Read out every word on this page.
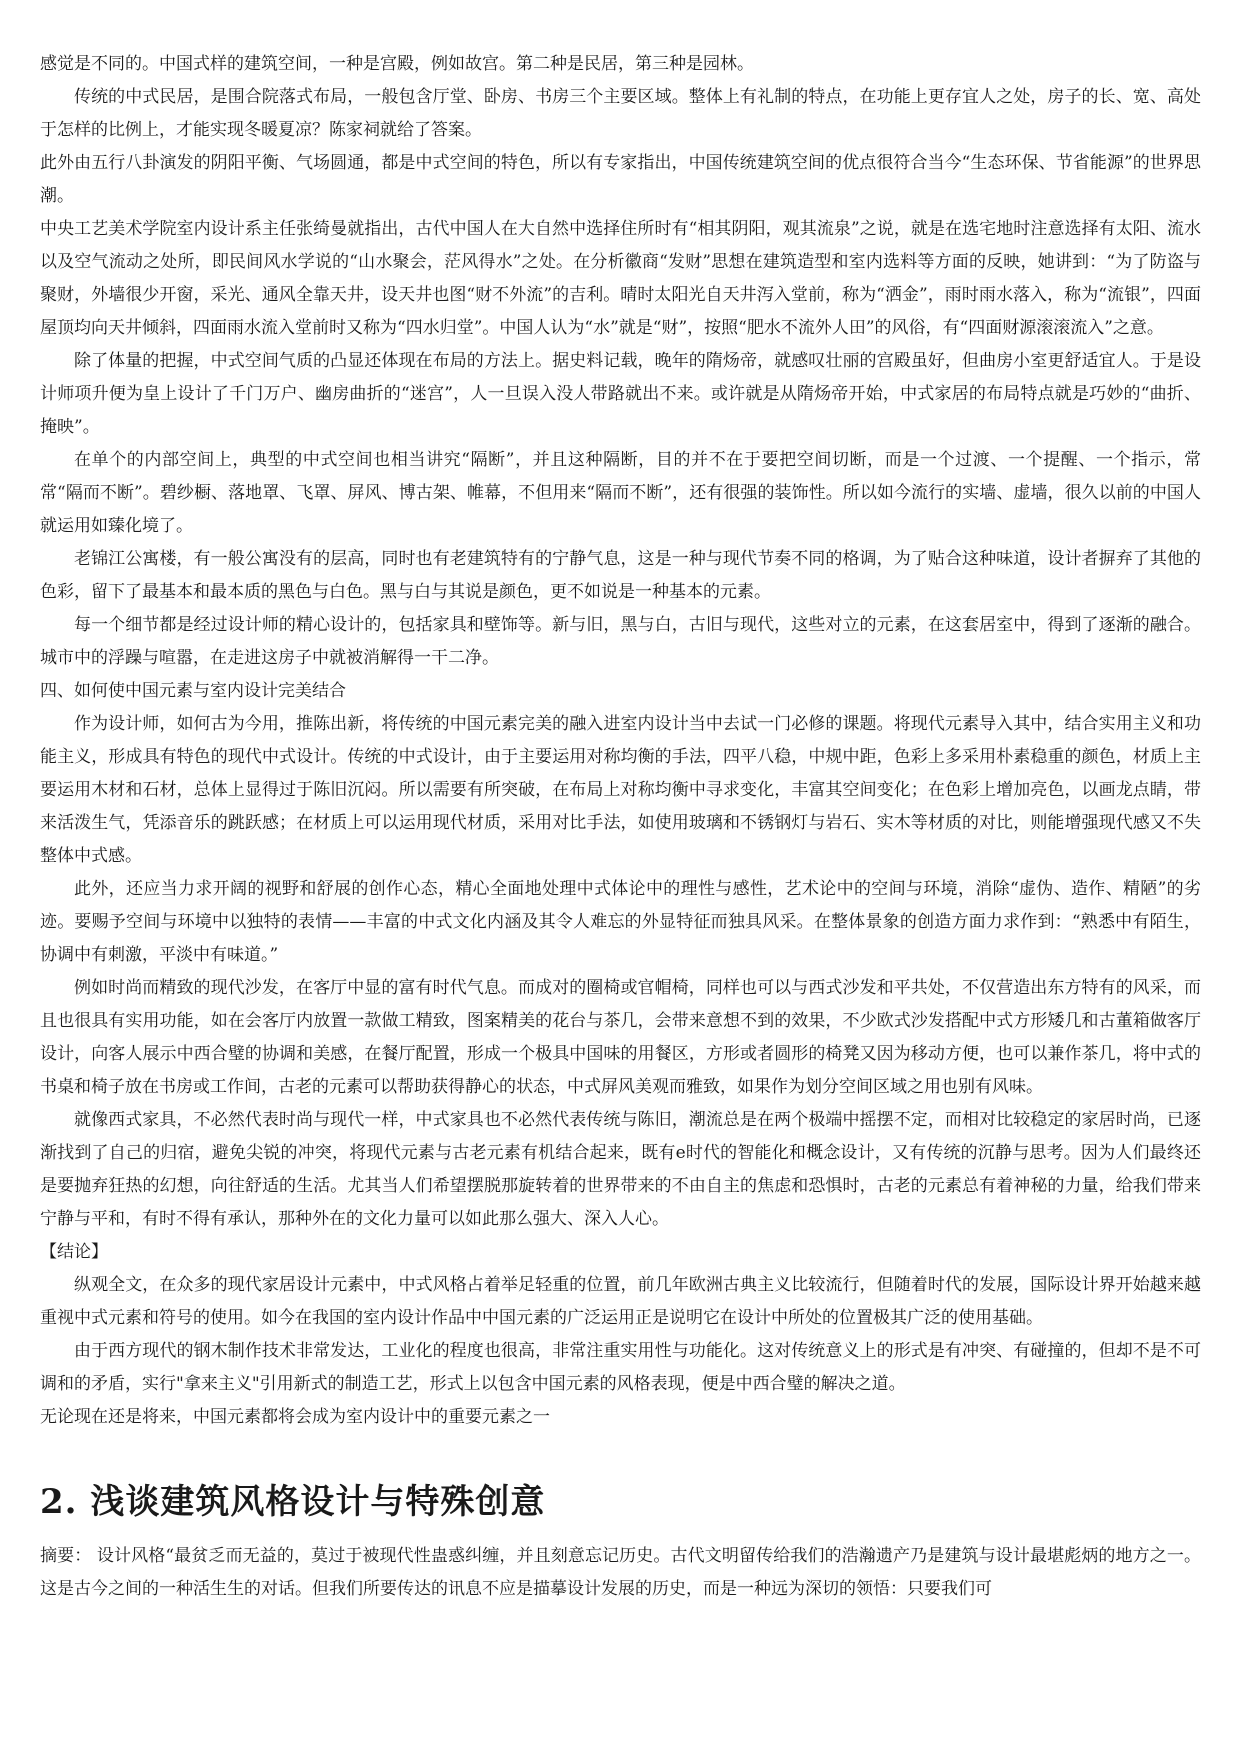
感觉是不同的。中国式样的建筑空间，一种是宫殿，例如故宫。第二种是民居，第三种是园林。

传统的中式民居，是围合院落式布局，一般包含厅堂、卧房、书房三个主要区域。整体上有礼制的特点，在功能上更存宜人之处，房子的长、宽、高处于怎样的比例上，才能实现冬暖夏凉？陈家祠就给了答案。

此外由五行八卦演发的阴阳平衡、气场圆通，都是中式空间的特色，所以有专家指出，中国传统建筑空间的优点很符合当今“生态环保、节省能源”的世界思潮。

中央工艺美术学院室内设计系主任张绮曼就指出，古代中国人在大自然中选择住所时有“相其阴阳，观其流泉”之说，就是在选宅地时注意选择有太阳、流水以及空气流动之处所，即民间风水学说的“山水聚会，茫风得水”之处。在分析徽商“发财”思想在建筑造型和室内选料等方面的反映，她讲到：“为了防盗与聚财，外墙很少开窗，采光、通风全靠天井，设天井也图“财不外流”的吉利。晴时太阳光自天井泻入堂前，称为“洒金”，雨时雨水落入，称为“流银”，四面屋顶均向天井倾斜，四面雨水流入堂前时又称为“四水归堂”。中国人认为“水”就是“财”，按照“肥水不流外人田”的风俗，有“四面财源滚滚流入”之意。

除了体量的把握，中式空间气质的凸显还体现在布局的方法上。据史料记载，晚年的隋炀帝，就感叹壮丽的宫殿虽好，但曲房小室更舒适宜人。于是设计师项升便为皇上设计了千门万户、幽房曲折的“迷宫”，人一旦误入没人带路就出不来。或许就是从隋炀帝开始，中式家居的布局特点就是巧妙的“曲折、掩映”。

在单个的内部空间上，典型的中式空间也相当讲究“隔断”，并且这种隔断，目的并不在于要把空间切断，而是一个过渡、一个提醒、一个指示，常常“隔而不断”。碧纱橱、落地罩、飞罩、屏风、博古架、帷幕，不但用来“隔而不断”，还有很强的装饰性。所以如今流行的实墙、虚墙，很久以前的中国人就运用如臻化境了。

老锦江公寓楼，有一般公寓没有的层高，同时也有老建筑特有的宁静气息，这是一种与现代节奏不同的格调，为了贴合这种味道，设计者摒弃了其他的色彩，留下了最基本和最本质的黑色与白色。黑与白与其说是颜色，更不如说是一种基本的元素。

每一个细节都是经过设计师的精心设计的，包括家具和壁饰等。新与旧，黑与白，古旧与现代，这些对立的元素，在这套居室中，得到了逐渐的融合。城市中的浮躁与喧嚣，在走进这房子中就被消解得一干二净。

四、如何使中国元素与室内设计完美结合

作为设计师，如何古为今用，推陈出新，将传统的中国元素完美的融入进室内设计当中去试一门必修的课题。将现代元素导入其中，结合实用主义和功能主义，形成具有特色的现代中式设计。传统的中式设计，由于主要运用对称均衡的手法，四平八稳，中规中距，色彩上多采用朴素稳重的颜色，材质上主要运用木材和石材，总体上显得过于陈旧沉闷。所以需要有所突破，在布局上对称均衡中寻求变化，丰富其空间变化；在色彩上增加亮色，以画龙点睛，带来活泼生气，凭添音乐的跳跃感；在材质上可以运用现代材质，采用对比手法，如使用玻璃和不锈钢灯与岩石、实木等材质的对比，则能增强现代感又不失整体中式感。

此外，还应当力求开阔的视野和舒展的创作心态，精心全面地处理中式体论中的理性与感性，艺术论中的空间与环境，消除“虚伪、造作、精陋”的劣迹。要赐予空间与环境中以独特的表情——丰富的中式文化内涵及其令人难忘的外显特征而独具风采。在整体景象的创造方面力求作到：“熟悉中有陌生，协调中有刺激，平淡中有味道。”

例如时尚而精致的现代沙发，在客厅中显的富有时代气息。而成对的圈椅或官帽椅，同样也可以与西式沙发和平共处，不仅营造出东方特有的风采，而且也很具有实用功能，如在会客厅内放置一款做工精致，图案精美的花台与茶几，会带来意想不到的效果，不少欧式沙发搭配中式方形矮几和古董箱做客厅设计，向客人展示中西合璧的协调和美感，在餐厅配置，形成一个极具中国味的用餐区，方形或者圆形的椅凳又因为移动方便，也可以兼作茶几，将中式的书桌和椅子放在书房或工作间，古老的元素可以帮助获得静心的状态，中式屏风美观而雅致，如果作为划分空间区域之用也别有风味。

就像西式家具，不必然代表时尚与现代一样，中式家具也不必然代表传统与陈旧，潮流总是在两个极端中摇摆不定，而相对比较稳定的家居时尚，已逐渐找到了自己的归宿，避免尖锐的冲突，将现代元素与古老元素有机结合起来，既有e时代的智能化和概念设计，又有传统的沉静与思考。因为人们最终还是要抛弃狂热的幻想，向往舒适的生活。尤其当人们希望摆脱那旋转着的世界带来的不由自主的焦虑和恐惧时，古老的元素总有着神秘的力量，给我们带来宁静与平和，有时不得有承认，那种外在的文化力量可以如此那么强大、深入人心。

【结论】

纵观全文，在众多的现代家居设计元素中，中式风格占着举足轻重的位置，前几年欧洲古典主义比较流行，但随着时代的发展，国际设计界开始越来越重视中式元素和符号的使用。如今在我国的室内设计作品中中国元素的广泛运用正是说明它在设计中所处的位置极其广泛的使用基础。

由于西方现代的钢木制作技术非常发达，工业化的程度也很高，非常注重实用性与功能化。这对传统意义上的形式是有冲突、有碰撞的，但却不是不可调和的矛盾，实行"拿来主义"引用新式的制造工艺，形式上以包含中国元素的风格表现，便是中西合璧的解决之道。

无论现在还是将来，中国元素都将会成为室内设计中的重要元素之一

2. 浅谈建筑风格设计与特殊创意

摘要： 设计风格“最贫乏而无益的，莫过于被现代性蛊惑纠缠，并且刻意忘记历史。古代文明留传给我们的浩瀚遗产乃是建筑与设计最堪彪炳的地方之一。这是古今之间的一种活生生的对话。但我们所要传达的讯息不应是描摹设计发展的历史，而是一种远为深切的领悟：只要我们可
